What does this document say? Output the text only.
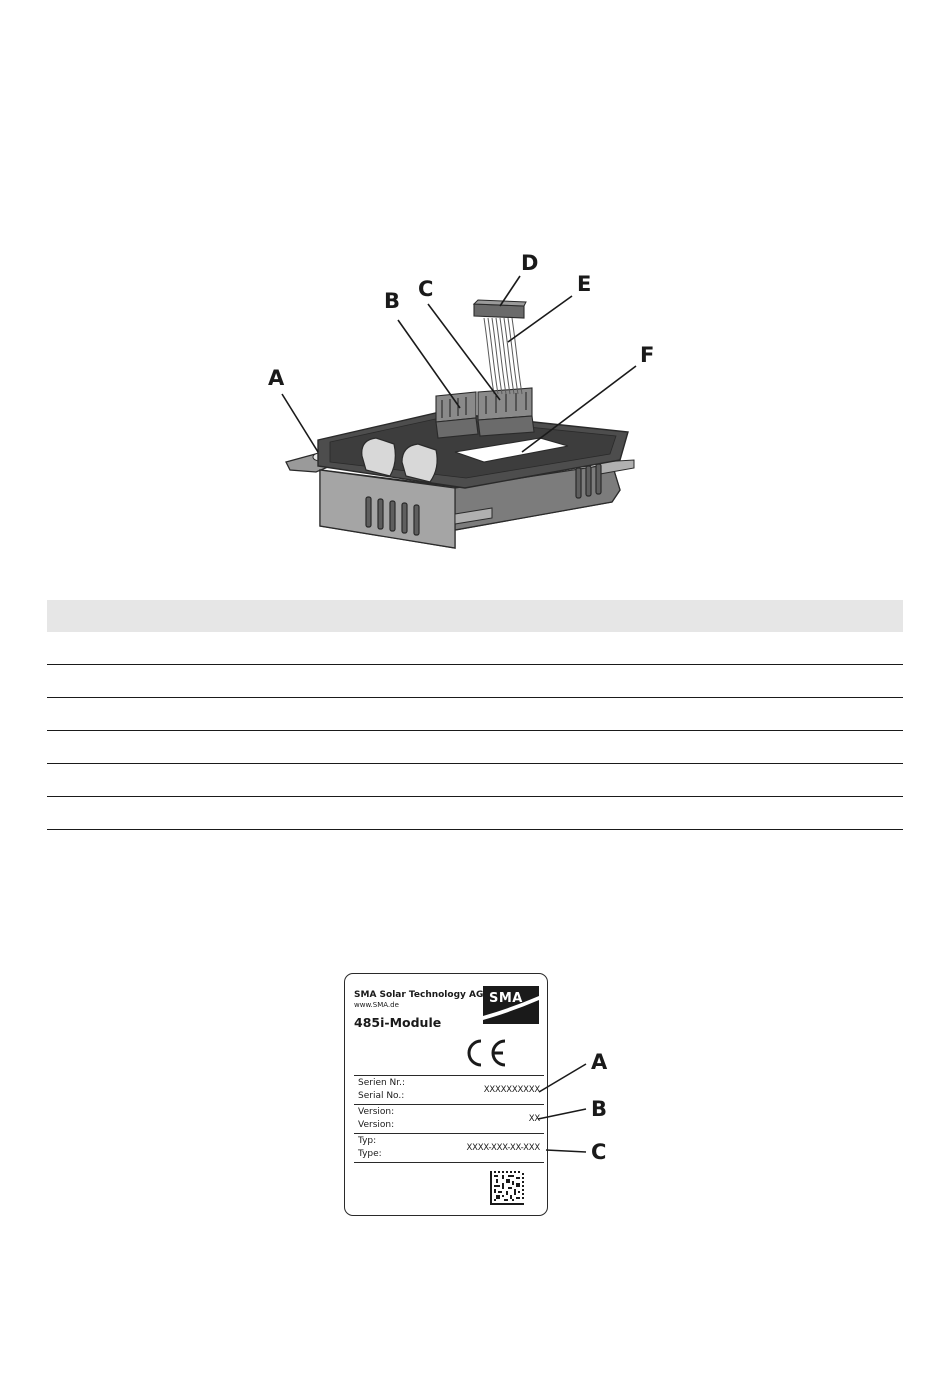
A
B C
D
E
F

SMA Solar Technology AG
www.SMA.de
485i-Module
SMA
Serien Nr.:
Serial No.:
XXXXXXXXXX
Version:
Version:
XX
Typ:
Type:
XXXX-XXX-XX-XXX
A
B
C
